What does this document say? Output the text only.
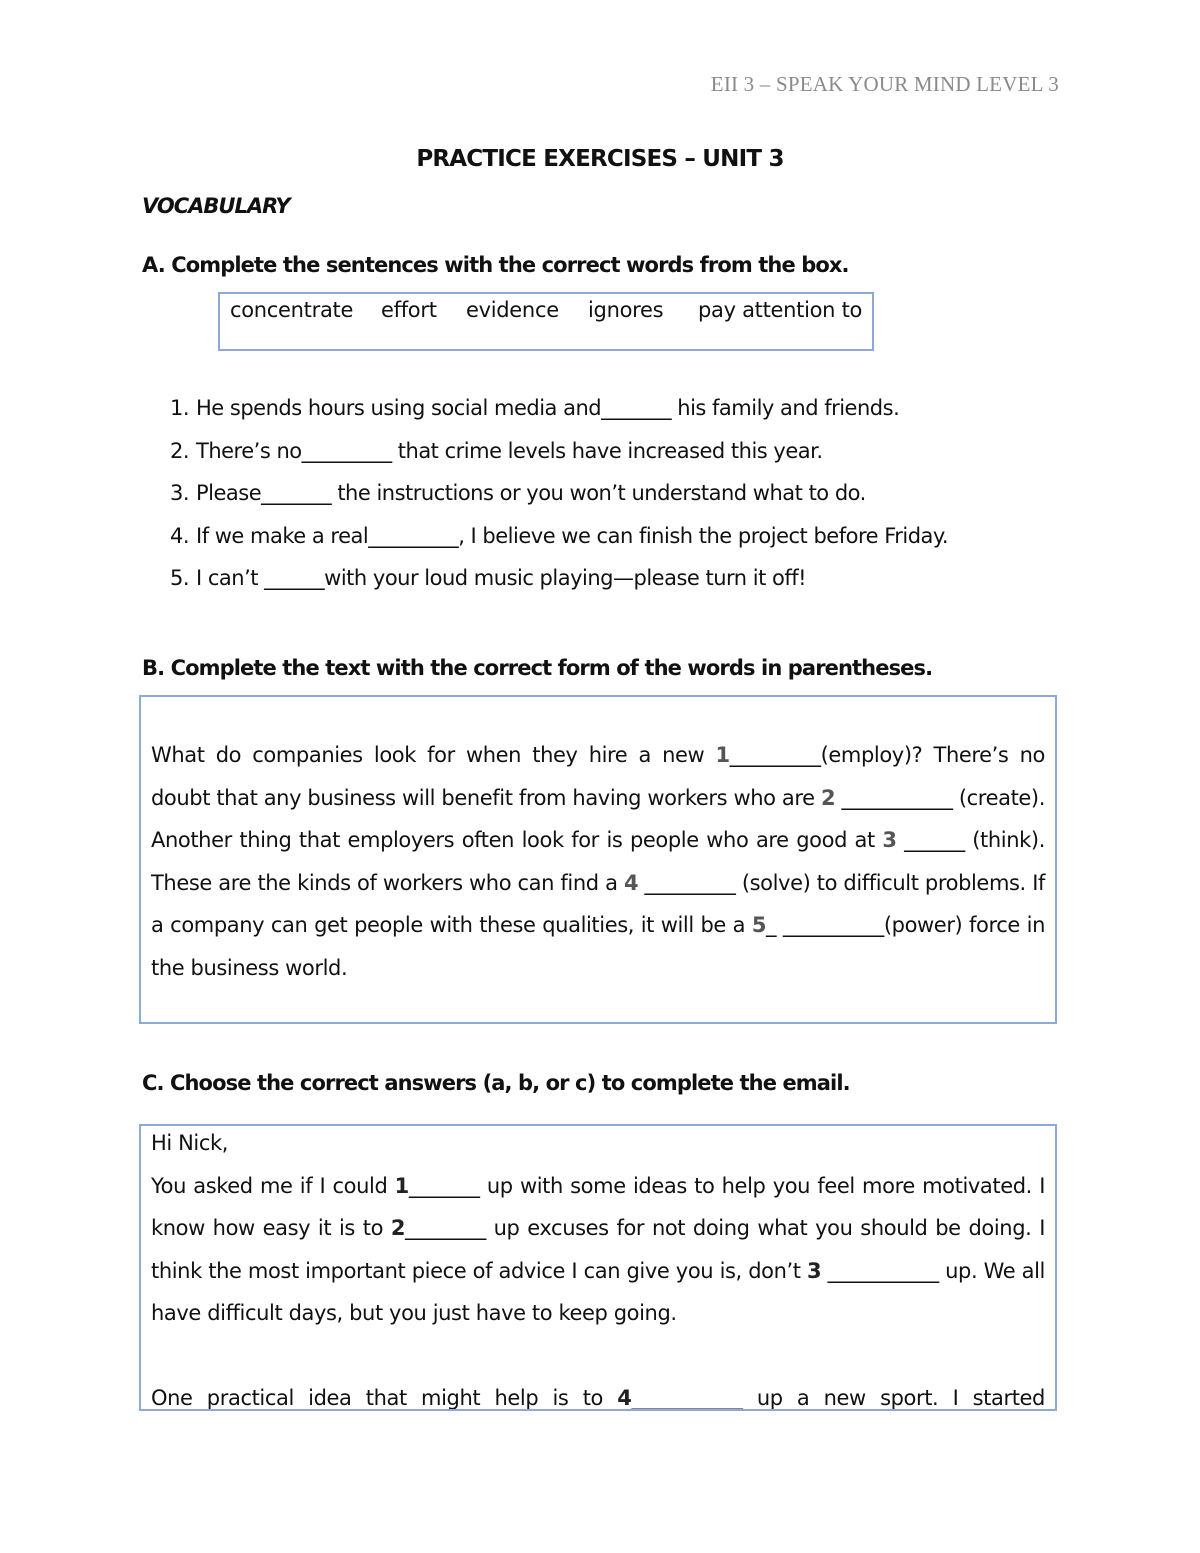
EII 3 – SPEAK YOUR MIND LEVEL 3
PRACTICE EXERCISES – UNIT 3
VOCABULARY
A. Complete the sentences with the correct words from the box.
concentrate effort evidence ignores pay attention to
1. He spends hours using social media and_______ his family and friends.
2. There’s no_________ that crime levels have increased this year.
3. Please_______ the instructions or you won’t understand what to do.
4. If we make a real_________, I believe we can finish the project before Friday.
5. I can’t ______with your loud music playing—please turn it off!
B. Complete the text with the correct form of the words in parentheses.
What do companies look for when they hire a new 1_________(employ)? There’s no doubt that any business will benefit from having workers who are 2 ___________ (create). Another thing that employers often look for is people who are good at 3 ______ (think). These are the kinds of workers who can find a 4 _________ (solve) to difficult problems. If a company can get people with these qualities, it will be a 5_ __________(power) force in the business world.
C. Choose the correct answers (a, b, or c) to complete the email.
Hi Nick,
You asked me if I could 1_______ up with some ideas to help you feel more motivated. I know how easy it is to 2________ up excuses for not doing what you should be doing. I think the most important piece of advice I can give you is, don’t 3 ___________ up. We all have difficult days, but you just have to keep going.
One practical idea that might help is to 4___________ up a new sport. I started
